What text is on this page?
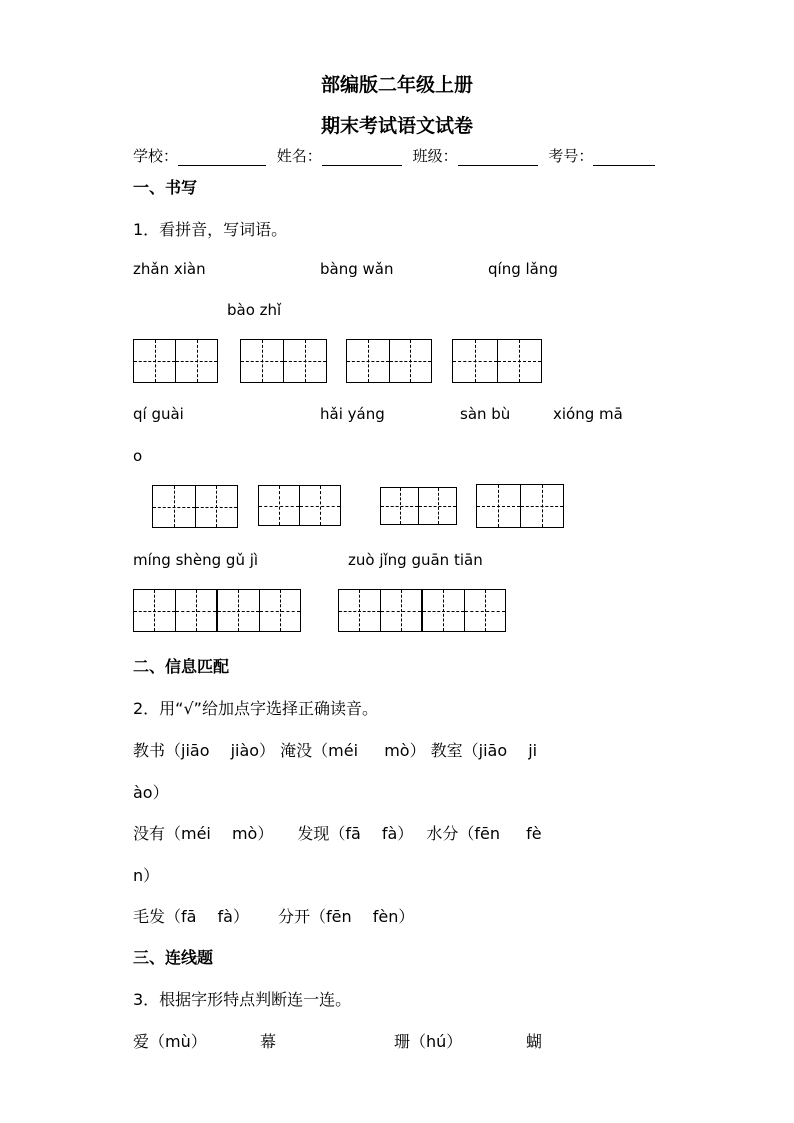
部编版二年级上册
期末考试语文试卷
学校：	姓名：	班级：	考号：
一、书写
1．看拼音，写词语。
zhǎn xiàn	bàng wǎn	qíng lǎng
bào zhǐ
qí guài	hǎi yáng	sàn bù	xióng mā
o
míng shèng gǔ jì	zuò jǐng guān tiān
二、信息匹配
2．用“√”给加点字选择正确读音。
教书（jiāo　 jiào） 淹没（méi 　 mò） 教室（jiāo　 ji
ào）
没有（méi 　mò）　　发现（fā　 fà）　 水分（fēn 　 fè
n）
毛发（fā　 fà）　　 分开（fēn　 fèn）
三、连线题
3．根据字形特点判断连一连。
爱（mù）	幕	珊（hú）	蝴
